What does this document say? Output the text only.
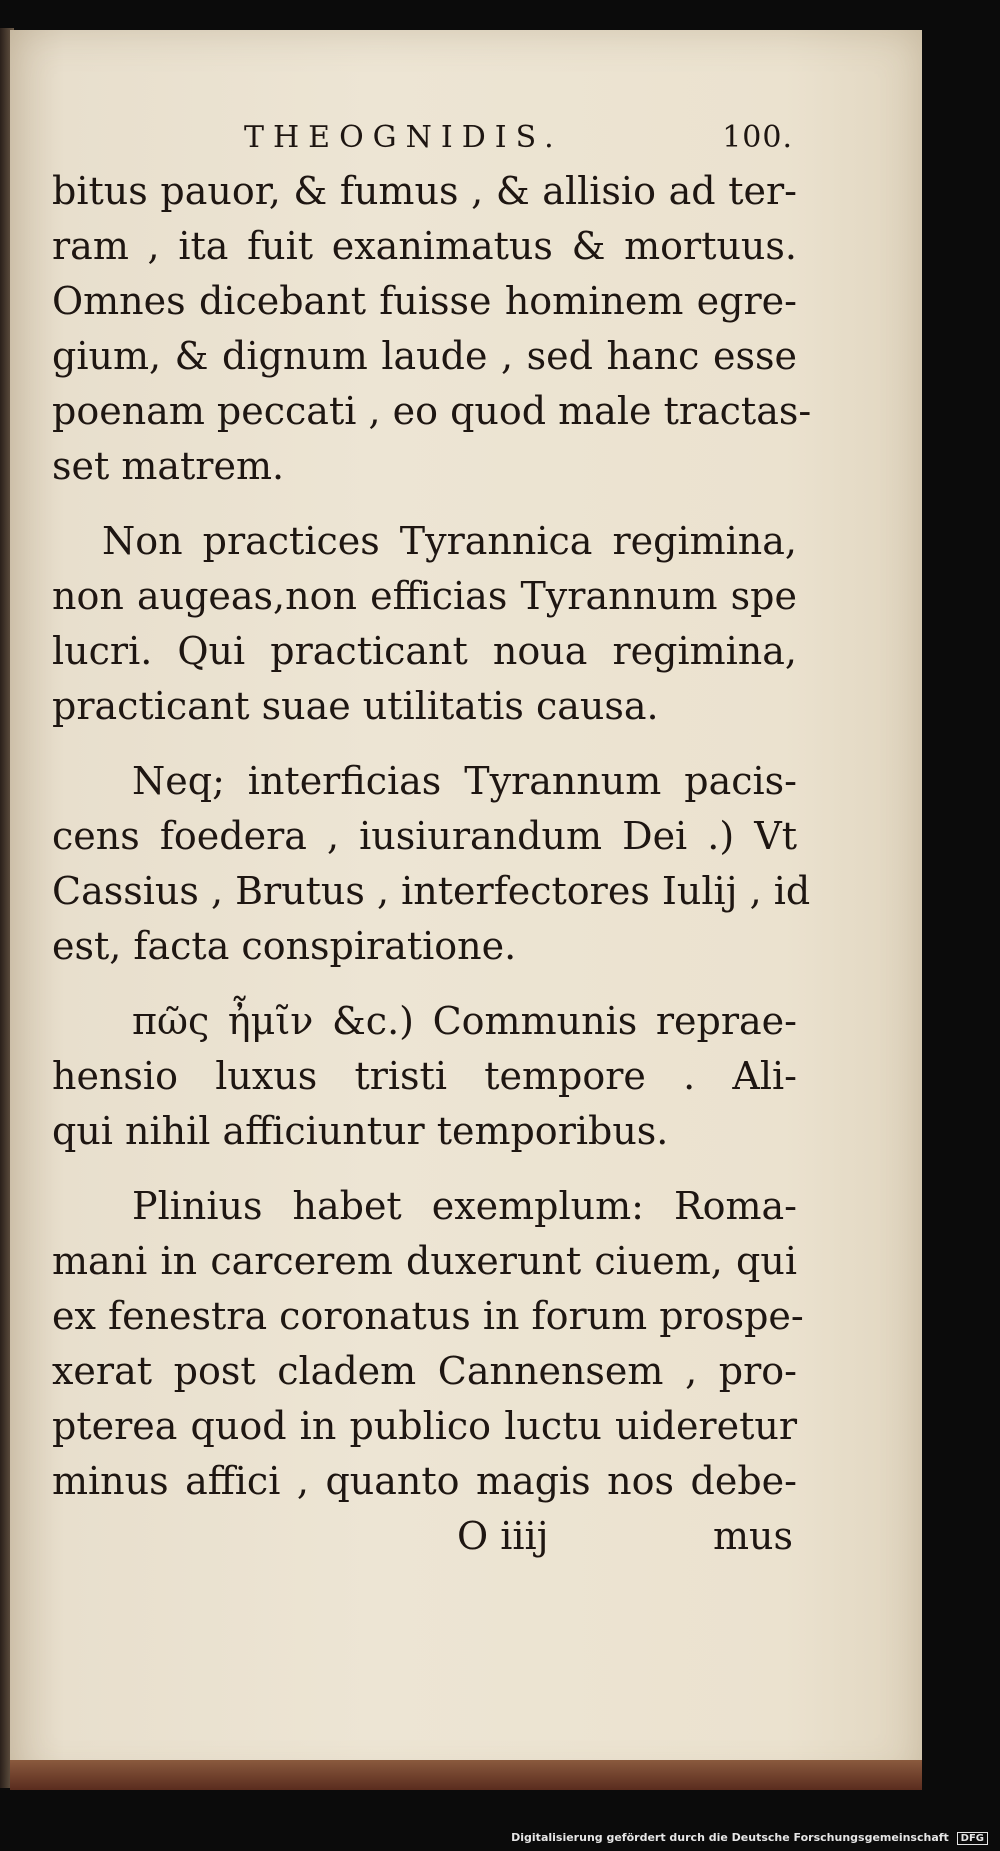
THEOGNIDIS.	100.
bitus pauor, & fumus , & allisio ad ter-
ram , ita fuit exanimatus & mortuus.
Omnes dicebant fuisse hominem egre-
gium, & dignum laude , sed hanc esse
poenam peccati , eo quod male tractas-
set matrem.
Non practices Tyrannica regimina,
non augeas,non efficias Tyrannum spe
lucri. Qui practicant noua regimina,
practicant suae utilitatis causa.
Neq; interficias Tyrannum pacis-
cens foedera , iusiurandum Dei .) Vt
Cassius , Brutus , interfectores Iulij , id
est, facta conspiratione.
πῶς ἦμῖν &c.) Communis reprae-
hensio luxus tristi tempore . Ali-
qui nihil afficiuntur temporibus.
Plinius habet exemplum: Roma-
mani in carcerem duxerunt ciuem, qui
ex fenestra coronatus in forum prospe-
xerat post cladem Cannensem , pro-
pterea quod in publico luctu uideretur
minus affici , quanto magis nos debe-
O iiij	mus
Digitalisierung gefördert durch die Deutsche Forschungsgemeinschaft DFG
